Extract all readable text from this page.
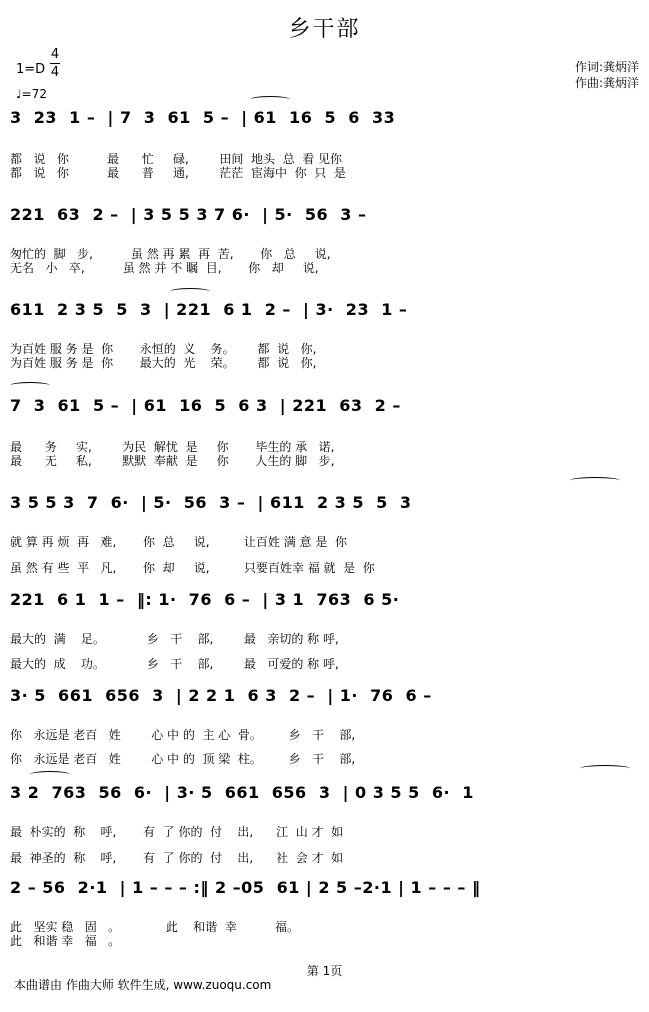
乡干部
1=D
4
4
♩=72
作词:龚炳洋
作曲:龚炳洋
3  23  1 –  | 7  3  61  5 –  | 61  16  5  6  33
都   说   你          最      忙     碌,        田间  地头  总  看 见你
都   说   你          最      普     通,        茫茫  宦海中  你  只  是
221  63  2 –  | 3 5 5 3 7 6·  | 5·  56  3 –
匆忙的  脚   步,          虽 然 再 累  再  苦,       你   总     说,
无名   小   卒,          虽 然 并 不 瞩  目,       你   却     说,
611  2 3 5  5  3  | 221  6 1  2 –  | 3·  23  1 –
为百姓 服 务 是  你       永恒的  义    务。      都  说   你,
为百姓 服 务 是  你       最大的  光    荣。      都  说   你,
7  3  61  5 –  | 61  16  5  6 3  | 221  63  2 –
最      务     实,        为民  解忧  是     你       毕生的 承   诺,
最      无     私,        默默  奉献  是     你       人生的 脚   步,
3 5 5 3  7  6·  | 5·  56  3 –  | 611  2 3 5  5  3
就 算 再 烦  再   难,       你  总     说,         让百姓 满 意 是  你
虽 然 有 些  平   凡,       你  却     说,         只要百姓幸 福 就  是  你
221  6 1  1 –  ‖: 1·  76  6 –  | 3 1  763  6 5·
最大的  满    足。           乡   干    部,        最   亲切的 称 呼,
最大的  成    功。           乡   干    部,        最   可爱的 称 呼,
3· 5  661  656  3  | 2 2 1  6 3  2 –  | 1·  76  6 –
你   永远是 老百   姓        心 中 的  主 心  骨。       乡   干    部,
你   永远是 老百   姓        心 中 的  顶 梁  柱。       乡   干    部,
3 2  763  56  6·  | 3· 5  661  656  3  | 0 3 5 5  6·  1
最  朴实的  称    呼,       有  了 你的  付    出,      江  山 才  如
最  神圣的  称    呼,       有  了 你的  付    出,      社  会 才  如
2 – 56  2·1  | 1 – – – :‖ 2 –05  61 | 2 5 –2·1 | 1 – – – ‖
此   坚实 稳   固   。            此    和谐  幸          福。
此   和谐 幸   福   。
第 1页
本曲谱由 作曲大师 软件生成, www.zuoqu.com
